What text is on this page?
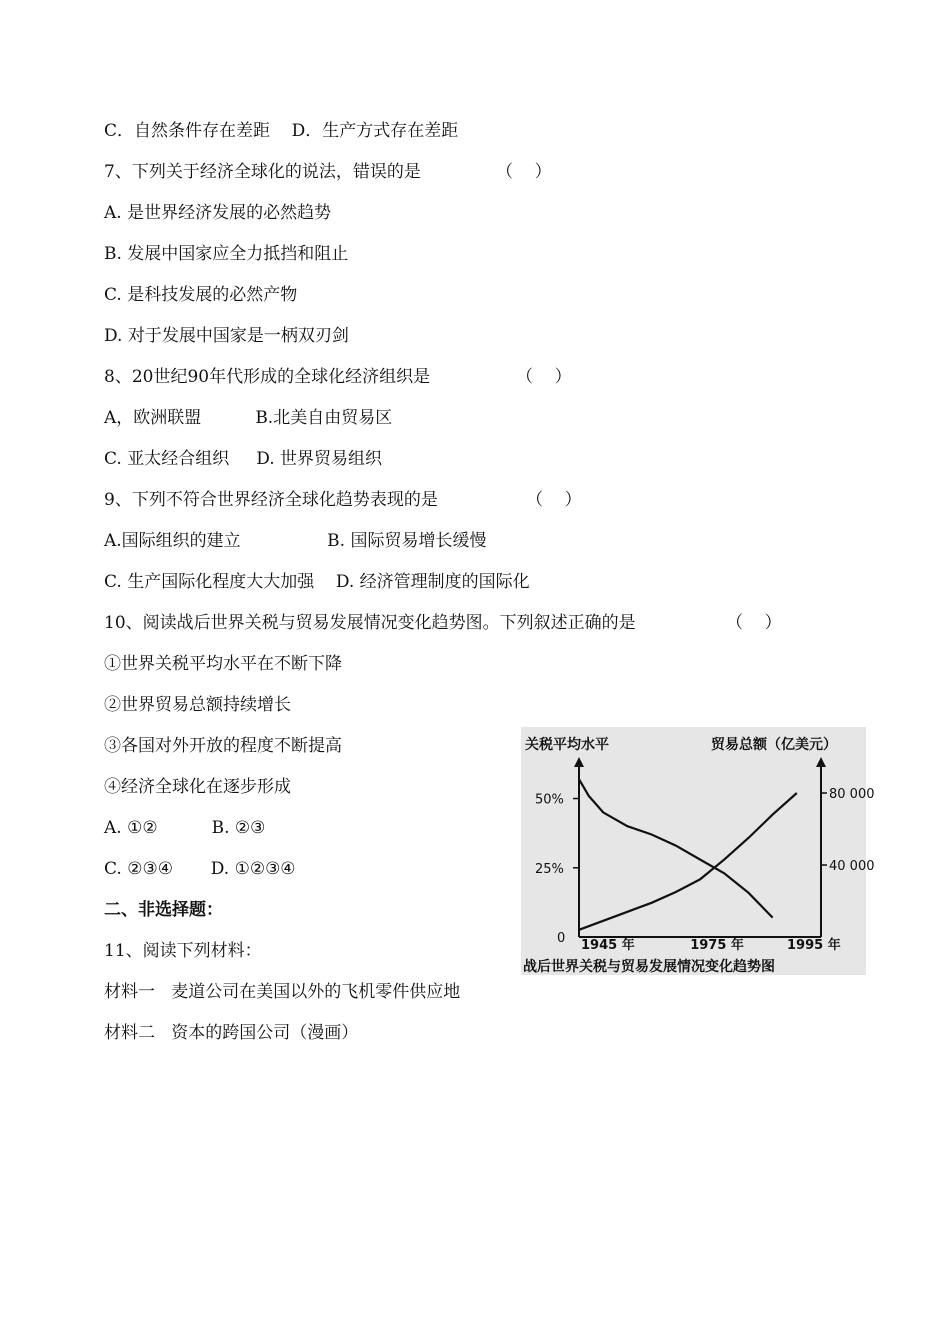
C．自然条件存在差距    D．生产方式存在差距
7、下列关于经济全球化的说法，错误的是	（    ）
A. 是世界经济发展的必然趋势
B. 发展中国家应全力抵挡和阻止
C. 是科技发展的必然产物
D. 对于发展中国家是一柄双刃剑
8、20世纪90年代形成的全球化经济组织是	（    ）
A，欧洲联盟          B.北美自由贸易区
C. 亚太经合组织     D. 世界贸易组织
9、下列不符合世界经济全球化趋势表现的是	（    ）
A.国际组织的建立                B. 国际贸易增长缓慢
C. 生产国际化程度大大加强    D. 经济管理制度的国际化
10、阅读战后世界关税与贸易发展情况变化趋势图。下列叙述正确的是	（    ）
①世界关税平均水平在不断下降
②世界贸易总额持续增长
③各国对外开放的程度不断提高
④经济全球化在逐步形成
A. ①②          B. ②③
C. ②③④       D. ①②③④
二、非选择题：
11、阅读下列材料：
材料一   麦道公司在美国以外的飞机零件供应地
材料二   资本的跨国公司（漫画）
关税平均水平	贸易总额（亿美元）
战后世界关税与贸易发展情况变化趋势图
0
50%
25%
80 000
40 000
1945 年	1975 年	1995 年
